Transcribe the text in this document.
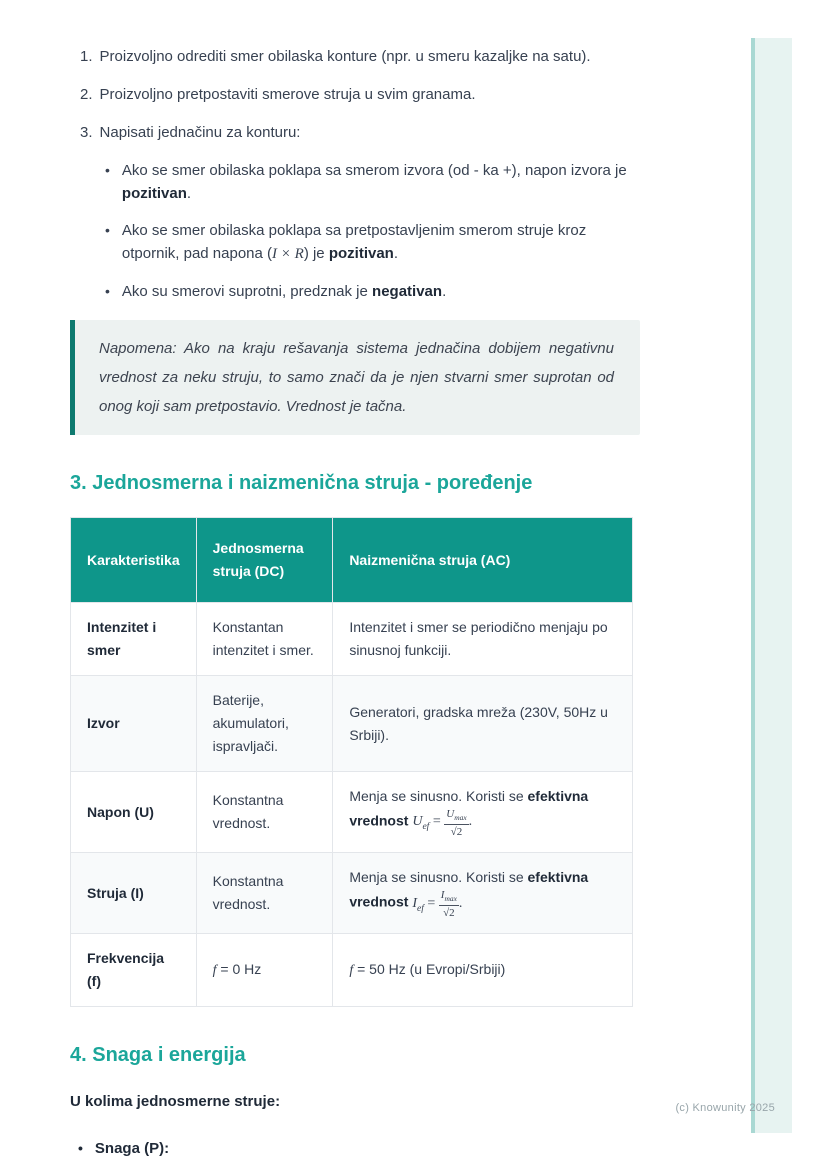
1. Proizvoljno odrediti smer obilaska konture (npr. u smeru kazaljke na satu).
2. Proizvoljno pretpostaviti smerove struja u svim granama.
3. Napisati jednačinu za konturu:
• Ako se smer obilaska poklapa sa smerom izvora (od - ka +), napon izvora je pozitivan.
• Ako se smer obilaska poklapa sa pretpostavljenim smerom struje kroz otpornik, pad napona (I × R) je pozitivan.
• Ako su smerovi suprotni, predznak je negativan.
Napomena: Ako na kraju rešavanja sistema jednačina dobijem negativnu vrednost za neku struju, to samo znači da je njen stvarni smer suprotan od onog koji sam pretpostavio. Vrednost je tačna.
3. Jednosmerna i naizmenična struja - poređenje
Karakteristika	Jednosmerna struja (DC)	Naizmenična struja (AC)
Intenzitet i smer	Konstantan intenzitet i smer.	Intenzitet i smer se periodično menjaju po sinusnoj funkciji.
Izvor	Baterije, akumulatori, ispravljači.	Generatori, gradska mreža (230V, 50Hz u Srbiji).
Napon (U)	Konstantna vrednost.	Menja se sinusno. Koristi se efektivna vrednost $U_{ef} = \frac{U_{max}}{√2}$ .
Struja (I)	Konstantna vrednost.	Menja se sinusno. Koristi se efektivna vrednost $I_{ef} = \frac{I_{max}}{√2}$ .
Frekvencija (f)	f = 0 Hz	f = 50 Hz (u Evropi/Srbiji)
4. Snaga i energija
U kolima jednosmerne struje:
• Snaga (P):
(c) Knowunity 2025
